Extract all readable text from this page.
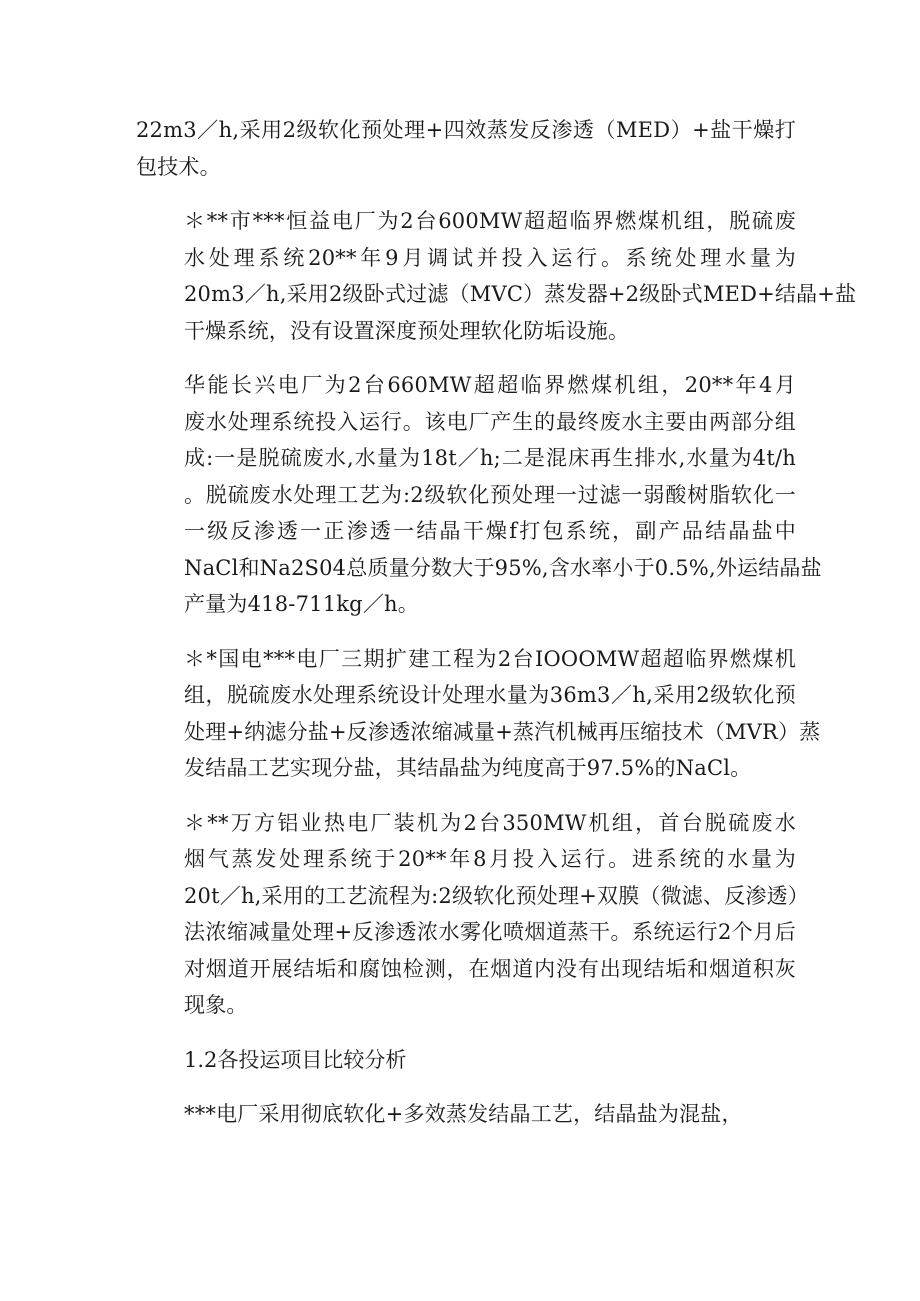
22m3／h,采用2级软化预处理+四效蒸发反渗透（MED）+盐干燥打
包技术。

＊**市***恒益电厂为2台600MW超超临界燃煤机组，脱硫废
水处理系统20**年9月调试并投入运行。系统处理水量为
20m3／h,采用2级卧式过滤（MVC）蒸发器+2级卧式MED+结晶+盐
干燥系统，没有设置深度预处理软化防垢设施。

华能长兴电厂为2台660MW超超临界燃煤机组，20**年4月
废水处理系统投入运行。该电厂产生的最终废水主要由两部分组
成:一是脱硫废水,水量为18t／h;二是混床再生排水,水量为4t/h
。脱硫废水处理工艺为:2级软化预处理一过滤一弱酸树脂软化一
一级反渗透一正渗透一结晶干燥f打包系统，副产品结晶盐中
NaCl和Na2S04总质量分数大于95%,含水率小于0.5%,外运结晶盐
产量为418-711kg／h。

＊*国电***电厂三期扩建工程为2台IOOOMW超超临界燃煤机
组，脱硫废水处理系统设计处理水量为36m3／h,采用2级软化预
处理+纳滤分盐+反渗透浓缩减量+蒸汽机械再压缩技术（MVR）蒸
发结晶工艺实现分盐，其结晶盐为纯度高于97.5%的NaCl。

＊**万方铝业热电厂装机为2台350MW机组，首台脱硫废水
烟气蒸发处理系统于20**年8月投入运行。进系统的水量为
20t／h,采用的工艺流程为:2级软化预处理+双膜（微滤、反渗透）
法浓缩减量处理+反渗透浓水雾化喷烟道蒸干。系统运行2个月后
对烟道开展结垢和腐蚀检测，在烟道内没有出现结垢和烟道积灰
现象。

1.2各投运项目比较分析

***电厂采用彻底软化+多效蒸发结晶工艺，结晶盐为混盐，
